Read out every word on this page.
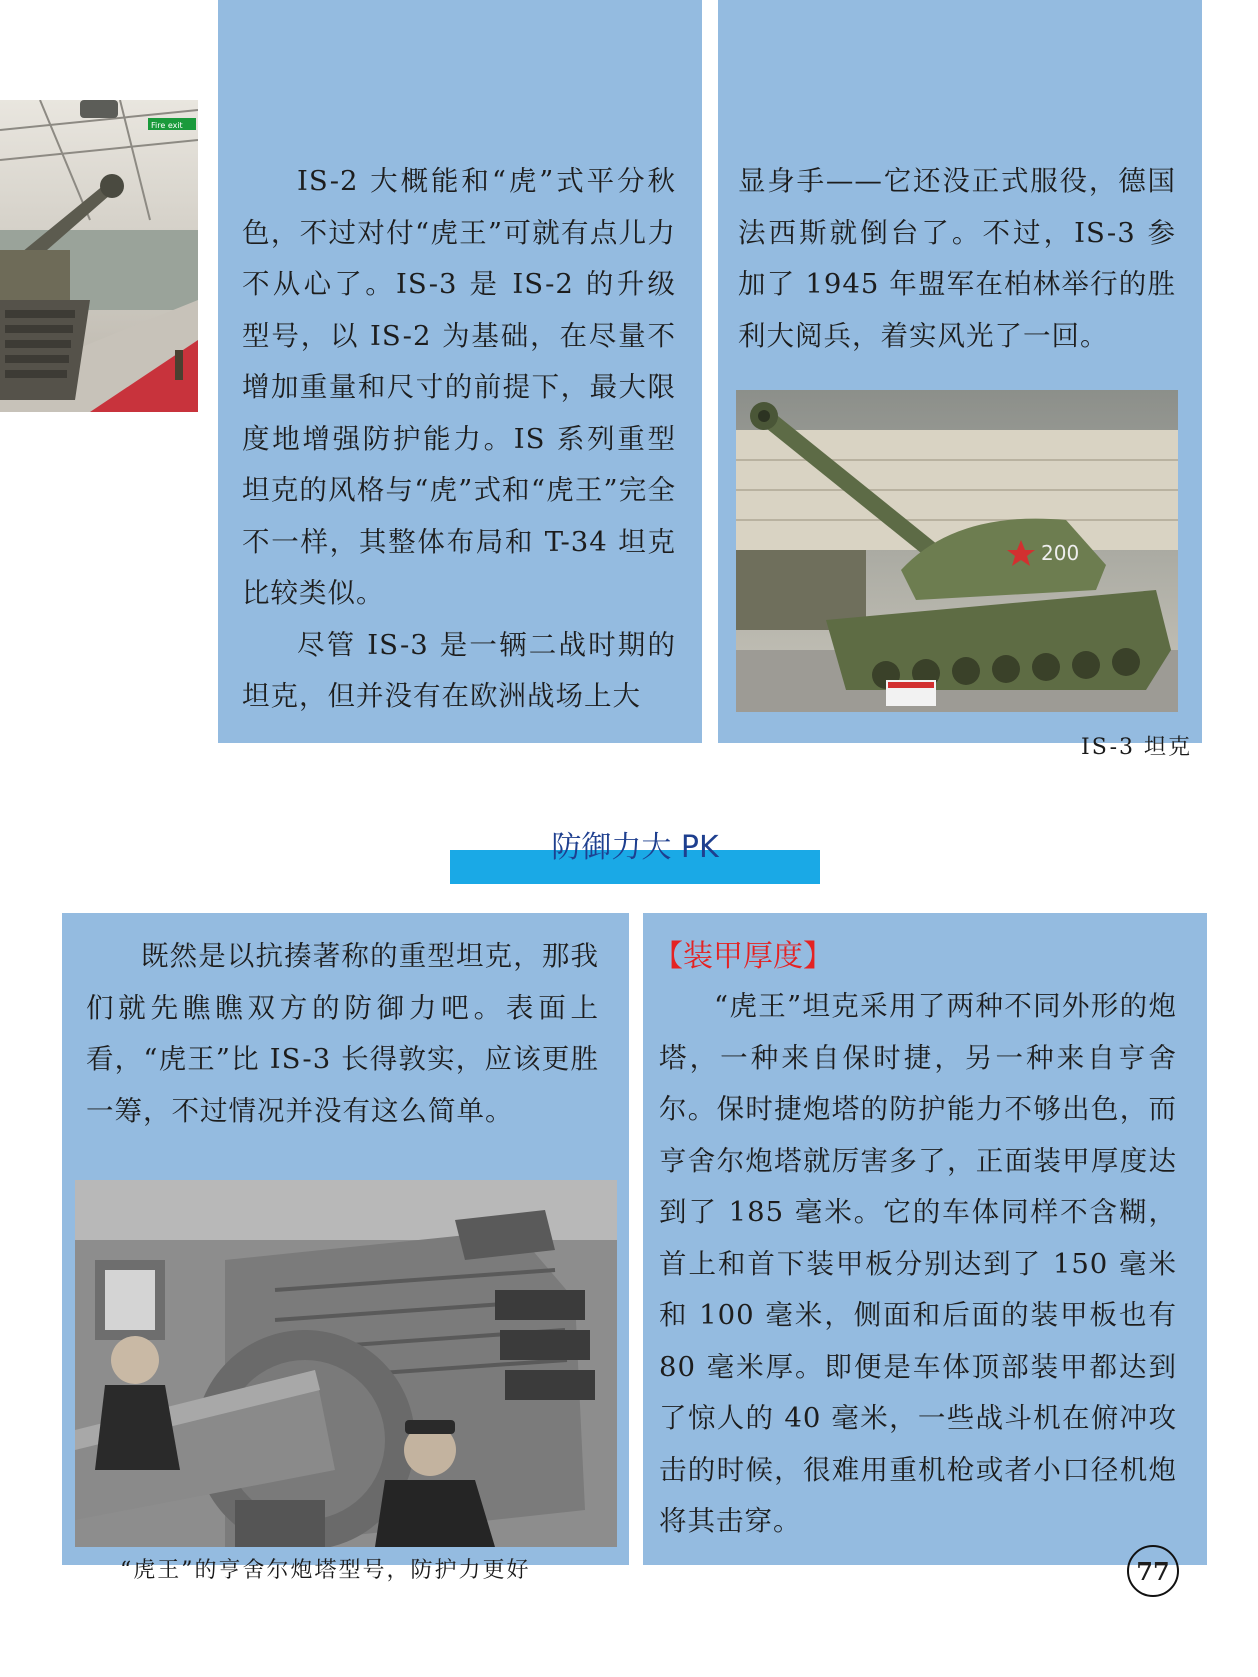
Fire exit

IS-2 大概能和“虎”式平分秋色，不过对付“虎王”可就有点儿力不从心了。IS-3 是 IS-2 的升级型号，以 IS-2 为基础，在尽量不增加重量和尺寸的前提下，最大限度地增强防护能力。IS 系列重型坦克的风格与“虎”式和“虎王”完全不一样，其整体布局和 T-34 坦克比较类似。

尽管 IS-3 是一辆二战时期的坦克，但并没有在欧洲战场上大

显身手——它还没正式服役，德国法西斯就倒台了。不过，IS-3 参加了 1945 年盟军在柏林举行的胜利大阅兵，着实风光了一回。

200
IS-3 坦克
防御力大 PK

既然是以抗揍著称的重型坦克，那我们就先瞧瞧双方的防御力吧。表面上看，“虎王”比 IS-3 长得敦实，应该更胜一筹，不过情况并没有这么简单。

“虎王”的亨舍尔炮塔型号，防护力更好
【装甲厚度】

“虎王”坦克采用了两种不同外形的炮塔，一种来自保时捷，另一种来自亨舍尔。保时捷炮塔的防护能力不够出色，而亨舍尔炮塔就厉害多了，正面装甲厚度达到了 185 毫米。它的车体同样不含糊，首上和首下装甲板分别达到了 150 毫米和 100 毫米，侧面和后面的装甲板也有 80 毫米厚。即便是车体顶部装甲都达到了惊人的 40 毫米，一些战斗机在俯冲攻击的时候，很难用重机枪或者小口径机炮将其击穿。

77
